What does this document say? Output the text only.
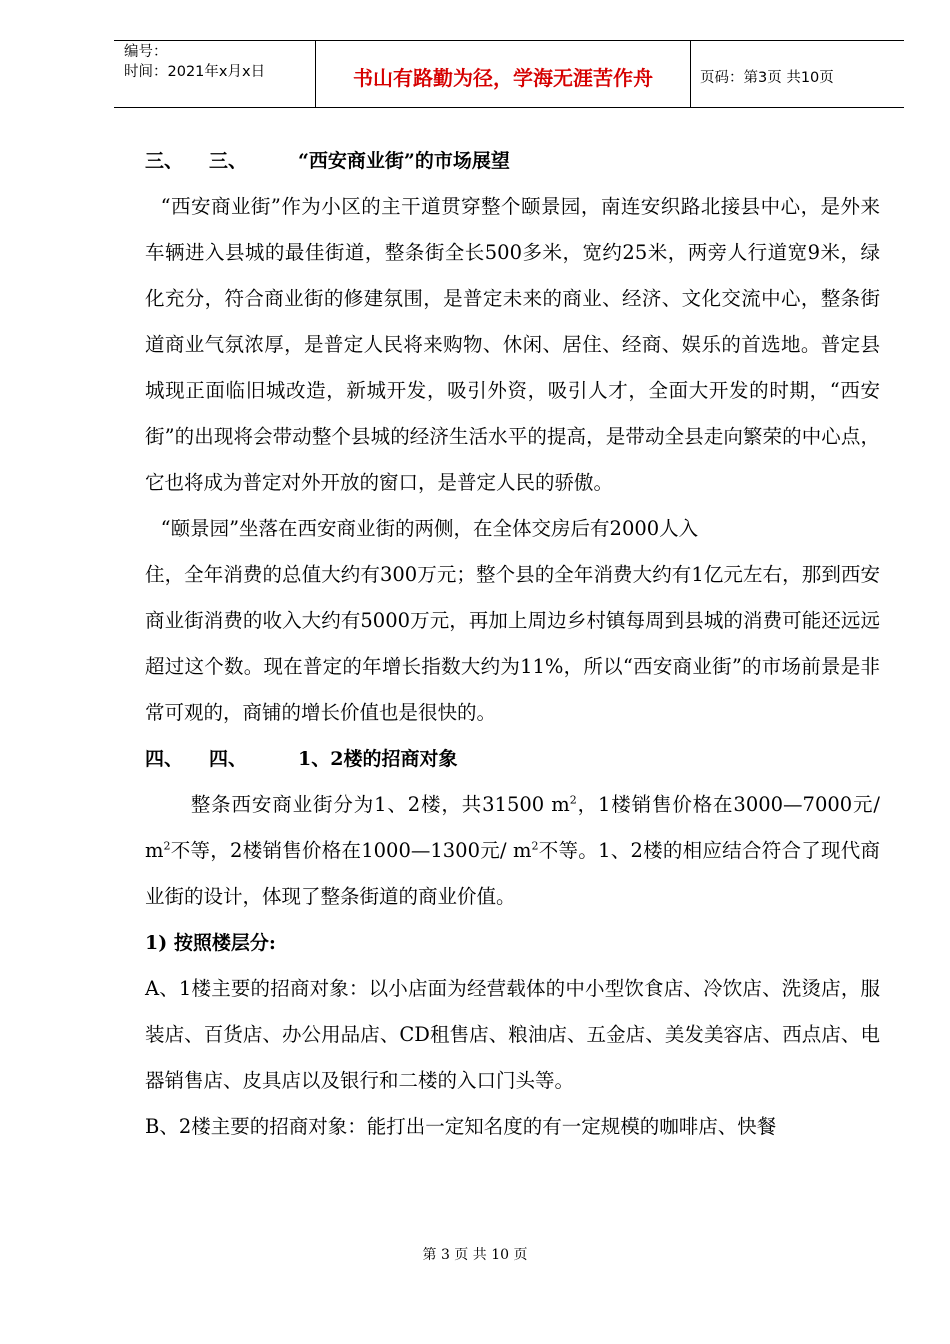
编号：
时间：2021年x月x日	书山有路勤为径，学海无涯苦作舟	页码：第3页 共10页
三、 三、	“西安商业街”的市场展望

“西安商业街”作为小区的主干道贯穿整个颐景园，南连安织路北接县中心，是外来车辆进入县城的最佳街道，整条街全长500多米，宽约25米，两旁人行道宽9米，绿化充分，符合商业街的修建氛围，是普定未来的商业、经济、文化交流中心，整条街道商业气氛浓厚，是普定人民将来购物、休闲、居住、经商、娱乐的首选地。普定县城现正面临旧城改造，新城开发，吸引外资，吸引人才，全面大开发的时期，“西安街”的出现将会带动整个县城的经济生活水平的提高，是带动全县走向繁荣的中心点，它也将成为普定对外开放的窗口，是普定人民的骄傲。

“颐景园”坐落在西安商业街的两侧，在全体交房后有2000人入

住，全年消费的总值大约有300万元；整个县的全年消费大约有1亿元左右，那到西安商业街消费的收入大约有5000万元，再加上周边乡村镇每周到县城的消费可能还远远超过这个数。现在普定的年增长指数大约为11%，所以“西安商业街”的市场前景是非常可观的，商铺的增长价值也是很快的。

四、 四、	1、2楼的招商对象

整条西安商业街分为1、2楼，共31500 $m^2$，1楼销售价格在3000—7000元/ $m^2$不等，2楼销售价格在1000—1300元/ $m^2$不等。1、2楼的相应结合符合了现代商业街的设计，体现了整条街道的商业价值。

1) 按照楼层分:

A、1楼主要的招商对象：以小店面为经营载体的中小型饮食店、冷饮店、洗烫店，服装店、百货店、办公用品店、CD租售店、粮油店、五金店、美发美容店、西点店、电器销售店、皮具店以及银行和二楼的入口门头等。

B、2楼主要的招商对象：能打出一定知名度的有一定规模的咖啡店、快餐

第 3 页 共 10 页
